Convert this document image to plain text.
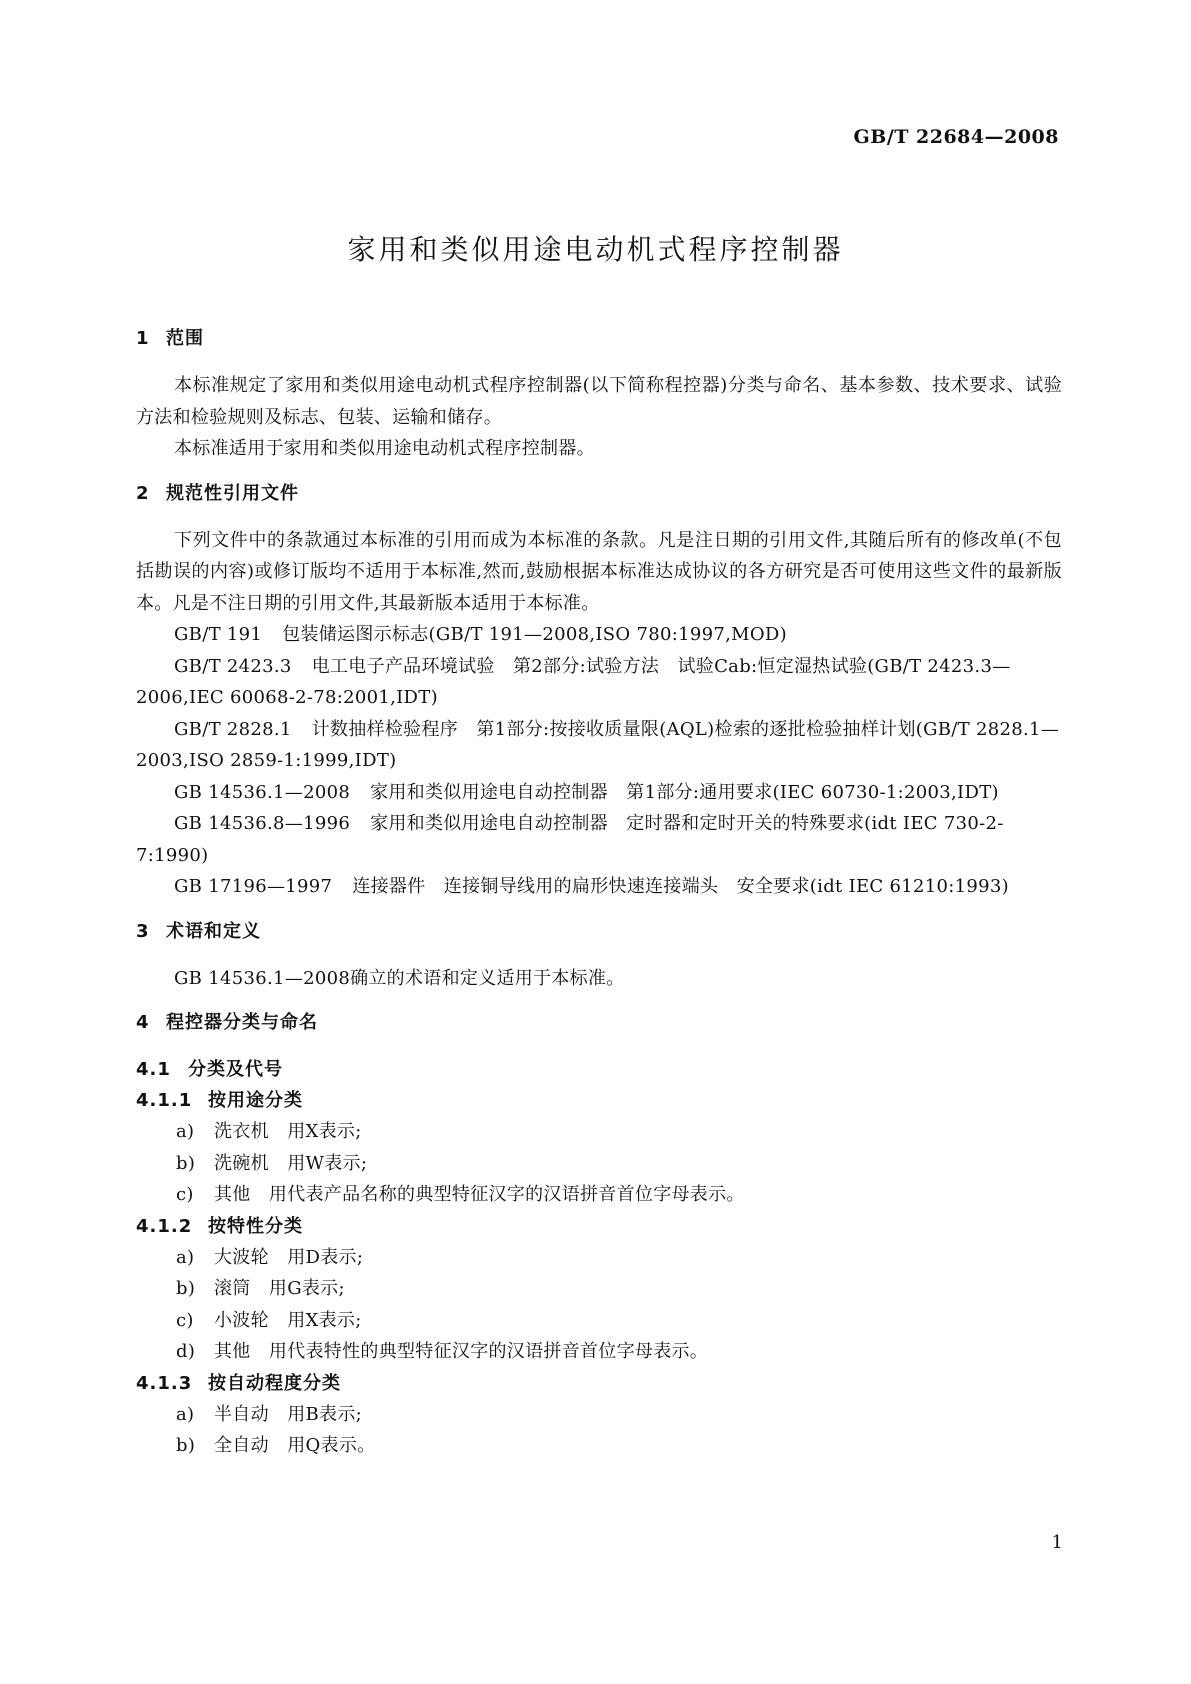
GB/T 22684—2008
家用和类似用途电动机式程序控制器
1 范围
本标准规定了家用和类似用途电动机式程序控制器(以下简称程控器)分类与命名、基本参数、技术要求、试验方法和检验规则及标志、包装、运输和储存。
本标准适用于家用和类似用途电动机式程序控制器。
2 规范性引用文件
下列文件中的条款通过本标准的引用而成为本标准的条款。凡是注日期的引用文件,其随后所有的修改单(不包括勘误的内容)或修订版均不适用于本标准,然而,鼓励根据本标准达成协议的各方研究是否可使用这些文件的最新版本。凡是不注日期的引用文件,其最新版本适用于本标准。
GB/T 191 包装储运图示标志(GB/T 191—2008,ISO 780:1997,MOD)
GB/T 2423.3 电工电子产品环境试验　第2部分:试验方法　试验Cab:恒定湿热试验(GB/T 2423.3—2006,IEC 60068-2-78:2001,IDT)
GB/T 2828.1 计数抽样检验程序　第1部分:按接收质量限(AQL)检索的逐批检验抽样计划(GB/T 2828.1—2003,ISO 2859-1:1999,IDT)
GB 14536.1—2008 家用和类似用途电自动控制器　第1部分:通用要求(IEC 60730-1:2003,IDT)
GB 14536.8—1996 家用和类似用途电自动控制器　定时器和定时开关的特殊要求(idt IEC 730-2-7:1990)
GB 17196—1997 连接器件　连接铜导线用的扁形快速连接端头　安全要求(idt IEC 61210:1993)
3 术语和定义
GB 14536.1—2008确立的术语和定义适用于本标准。
4 程控器分类与命名
4.1 分类及代号
4.1.1 按用途分类
a) 洗衣机　用X表示;
b) 洗碗机　用W表示;
c) 其他　用代表产品名称的典型特征汉字的汉语拼音首位字母表示。
4.1.2 按特性分类
a) 大波轮　用D表示;
b) 滚筒　用G表示;
c) 小波轮　用X表示;
d) 其他　用代表特性的典型特征汉字的汉语拼音首位字母表示。
4.1.3 按自动程度分类
a) 半自动　用B表示;
b) 全自动　用Q表示。
1
